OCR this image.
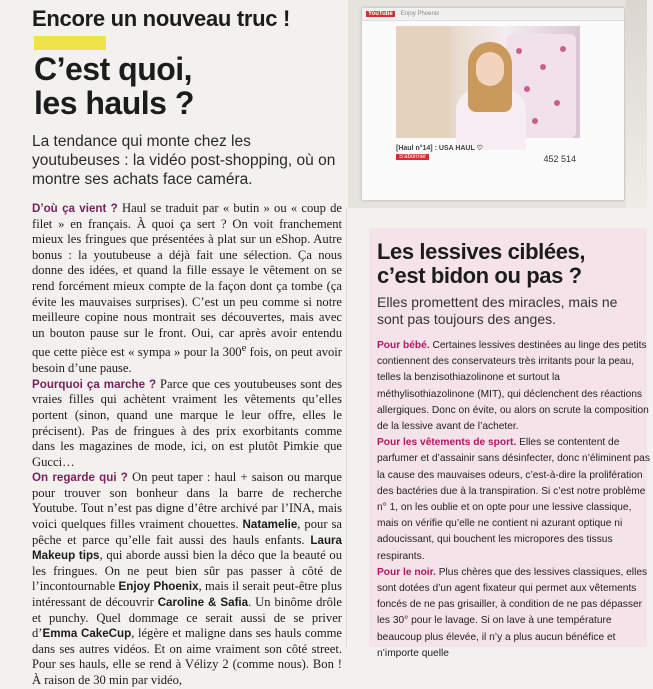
Encore un nouveau truc !
C’est quoi,
les hauls ?
La tendance qui monte chez les youtubeuses : la vidéo post-shopping, où on montre ses achats face caméra.

D’où ça vient ? Haul se traduit par « butin » ou « coup de filet » en français. À quoi ça sert ? On voit franchement mieux les fringues que présentées à plat sur un eShop. Autre bonus : la youtubeuse a déjà fait une sélection. Ça nous donne des idées, et quand la fille essaye le vêtement on se rend forcément mieux compte de la façon dont ça tombe (ça évite les mauvaises surprises). C’est un peu comme si notre meilleure copine nous montrait ses découvertes, mais avec un bouton pause sur le front. Oui, car après avoir entendu que cette pièce est « sympa » pour la 300e fois, on peut avoir besoin d’une pause.

Pourquoi ça marche ? Parce que ces youtubeuses sont des vraies filles qui achètent vraiment les vêtements qu’elles portent (sinon, quand une marque le leur offre, elles le précisent). Pas de fringues à des prix exorbitants comme dans les magazines de mode, ici, on est plutôt Pimkie que Gucci…

On regarde qui ? On peut taper : haul + saison ou marque pour trouver son bonheur dans la barre de recherche Youtube. Tout n’est pas digne d’être archivé par l’INA, mais voici quelques filles vraiment chouettes. Natamelie, pour sa pêche et parce qu’elle fait aussi des hauls enfants. Laura Makeup tips, qui aborde aussi bien la déco que la beauté ou les fringues. On ne peut bien sûr pas passer à côté de l’incontournable Enjoy Phoenix, mais il serait peut-être plus intéressant de découvrir Caroline & Safia. Un binôme drôle et punchy. Quel dommage ce serait aussi de se priver d’Emma CakeCup, légère et maligne dans ses hauls comme dans ses autres vidéos. Et on aime vraiment son côté street. Pour ses hauls, elle se rend à Vélizy 2 (comme nous). Bon ! À raison de 30 min par vidéo,

YouTube	Enjoy Phoenix
[Haul n°14] : USA HAUL ♡
S'abonner	452 514
Les lessives ciblées,
c’est bidon ou pas ?
Elles promettent des miracles, mais ne sont pas toujours des anges.

Pour bébé. Certaines lessives destinées au linge des petits contiennent des conservateurs très irritants pour la peau, telles la benzisothiazolinone et surtout la méthylisothiazolinone (MIT), qui déclenchent des réactions allergiques. Donc on évite, ou alors on scrute la composition de la lessive avant de l’acheter.

Pour les vêtements de sport. Elles se contentent de parfumer et d’assainir sans désinfecter, donc n’éliminent pas la cause des mauvaises odeurs, c’est-à-dire la prolifération des bactéries due à la transpiration. Si c’est notre problème n° 1, on les oublie et on opte pour une lessive classique, mais on vérifie qu’elle ne contient ni azurant optique ni adoucissant, qui bouchent les micropores des tissus respirants.

Pour le noir. Plus chères que des lessives classiques, elles sont dotées d’un agent fixateur qui permet aux vêtements foncés de ne pas grisailler, à condition de ne pas dépasser les 30° pour le lavage. Si on lave à une température beaucoup plus élevée, il n’y a plus aucun bénéfice et n’importe quelle
